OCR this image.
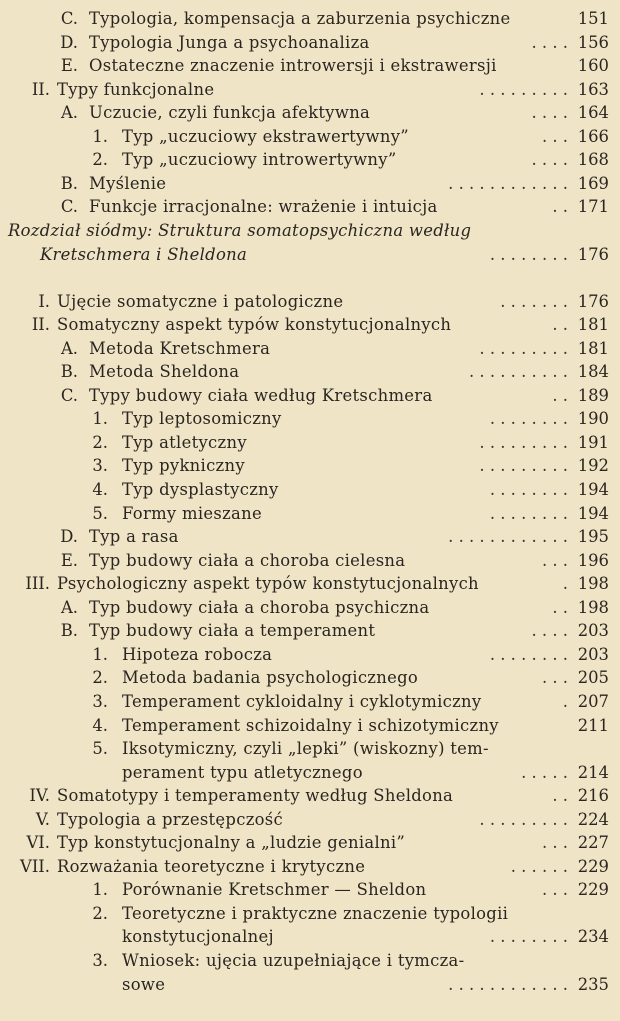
C. Typologia, kompensacja a zaburzenia psychiczne	151
D. Typologia Junga a psychoanaliza	. . . . 156
E. Ostateczne znaczenie introwersji i ekstrawersji	160
II. Typy funkcjonalne	. . . . . . . . . 163
A. Uczucie, czyli funkcja afektywna	. . . . 164
1. Typ „uczuciowy ekstrawertywny”	. . . 166
2. Typ „uczuciowy introwertywny”	. . . . 168
B. Myślenie	. . . . . . . . . . . . 169
C. Funkcje irracjonalne: wrażenie i intuicja	. . 171
Rozdział siódmy: Struktura somatopsychiczna według
Kretschmera i Sheldona	. . . . . . . . 176
I. Ujęcie somatyczne i patologiczne	. . . . . . . 176
II. Somatyczny aspekt typów konstytucjonalnych	. . 181
A. Metoda Kretschmera	. . . . . . . . . 181
B. Metoda Sheldona	. . . . . . . . . . 184
C. Typy budowy ciała według Kretschmera	. . 189
1. Typ leptosomiczny	. . . . . . . . 190
2. Typ atletyczny	. . . . . . . . . 191
3. Typ pykniczny	. . . . . . . . . 192
4. Typ dysplastyczny	. . . . . . . . 194
5. Formy mieszane	. . . . . . . . 194
D. Typ a rasa	. . . . . . . . . . . . 195
E. Typ budowy ciała a choroba cielesna	. . . 196
III. Psychologiczny aspekt typów konstytucjonalnych	. 198
A. Typ budowy ciała a choroba psychiczna	. . 198
B. Typ budowy ciała a temperament	. . . . 203
1. Hipoteza robocza	. . . . . . . . 203
2. Metoda badania psychologicznego	. . . 205
3. Temperament cykloidalny i cyklotymiczny	. 207
4. Temperament schizoidalny i schizotymiczny	211
5. Iksotymiczny, czyli „lepki” (wiskozny) tem-
perament typu atletycznego	. . . . . 214
IV. Somatotypy i temperamenty według Sheldona	. . 216
V. Typologia a przestępczość	. . . . . . . . . 224
VI. Typ konstytucjonalny a „ludzie genialni”	. . . 227
VII. Rozważania teoretyczne i krytyczne	. . . . . . 229
1. Porównanie Kretschmer — Sheldon	. . . 229
2. Teoretyczne i praktyczne znaczenie typologii
konstytucjonalnej	. . . . . . . . 234
3. Wniosek: ujęcia uzupełniające i tymcza-
sowe	. . . . . . . . . . . . 235
